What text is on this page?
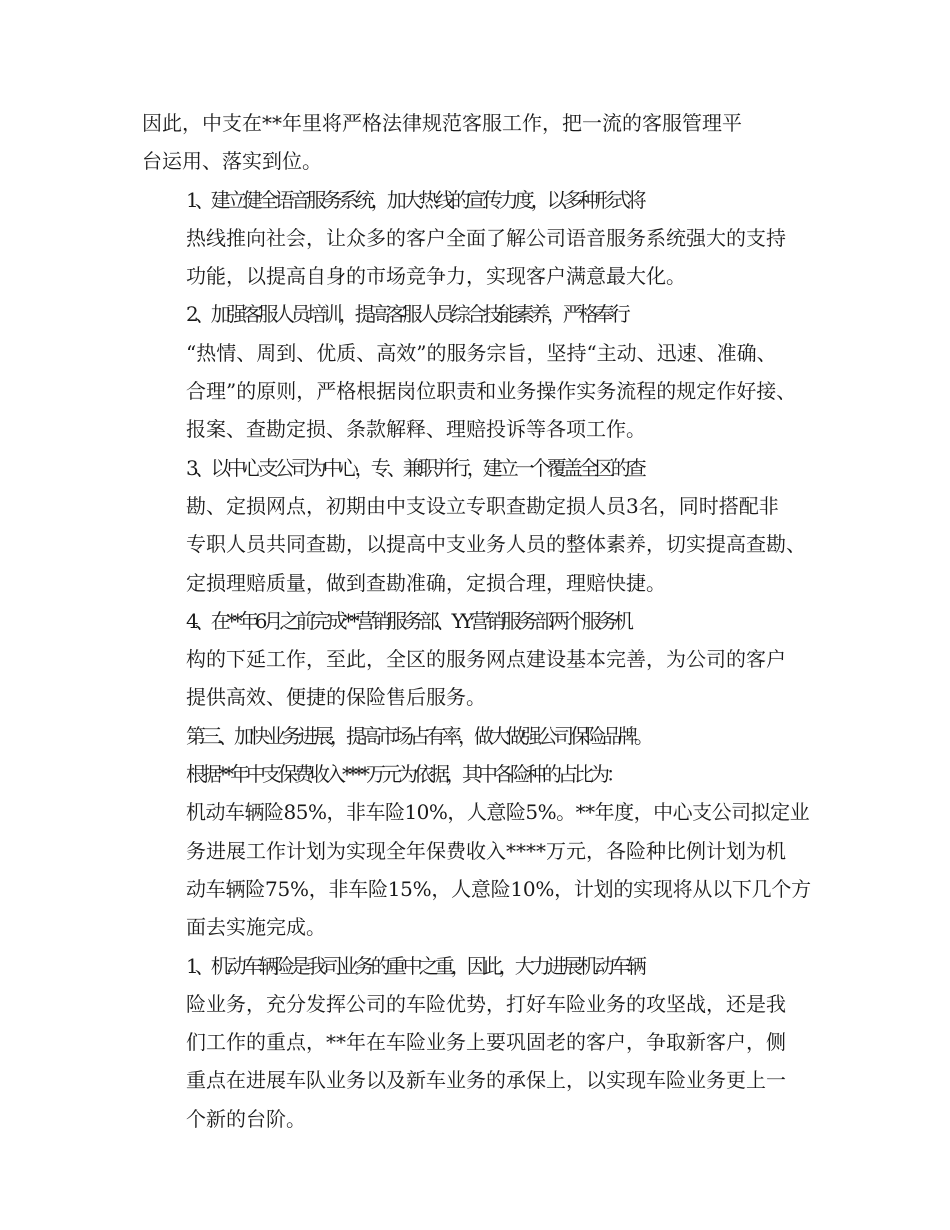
因此，中支在**年里将严格法律规范客服工作，把一流的客服管理平
台运用、落实到位。
1、建立健全语音服务系统，加大热线的宣传力度，以多种形式将
热线推向社会，让众多的客户全面了解公司语音服务系统强大的支持
功能，以提高自身的市场竞争力，实现客户满意最大化。
2、加强客服人员培训，提高客服人员综合技能素养，严格奉行
“热情、周到、优质、高效”的服务宗旨，坚持“主动、迅速、准确、
合理”的原则，严格根据岗位职责和业务操作实务流程的规定作好接、
报案、查勘定损、条款解释、理赔投诉等各项工作。
3、以中心支公司为中心，专、兼职并行，建立一个覆盖全区的查
勘、定损网点，初期由中支设立专职查勘定损人员3名，同时搭配非
专职人员共同查勘，以提高中支业务人员的整体素养，切实提高查勘、
定损理赔质量，做到查勘准确，定损合理，理赔快捷。
4、在**年6月之前完成**营销服务部、YY营销服务部两个服务机
构的下延工作，至此，全区的服务网点建设基本完善，为公司的客户
提供高效、便捷的保险售后服务。
第三、加快业务进展，提高市场占有率，做大做强公司保险品牌。
根据**年中支保费收入****万元为依据，其中各险种的占比为：
机动车辆险85%，非车险10%，人意险5%。**年度，中心支公司拟定业
务进展工作计划为实现全年保费收入****万元，各险种比例计划为机
动车辆险75%，非车险15%，人意险10%，计划的实现将从以下几个方
面去实施完成。
1、机动车辆险是我司业务的重中之重，因此，大力进展机动车辆
险业务，充分发挥公司的车险优势，打好车险业务的攻坚战，还是我
们工作的重点，**年在车险业务上要巩固老的客户，争取新客户，侧
重点在进展车队业务以及新车业务的承保上，以实现车险业务更上一
个新的台阶。
